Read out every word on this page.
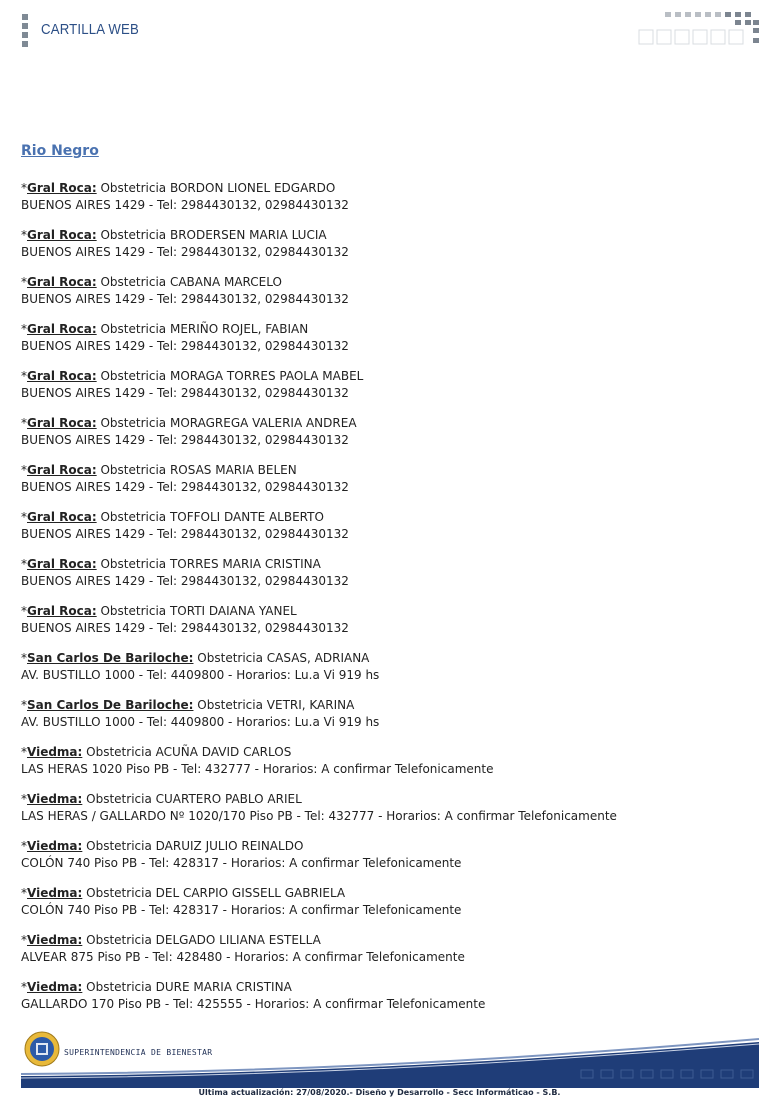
CARTILLA WEB
Rio Negro
*Gral Roca: Obstetricia BORDON LIONEL EDGARDO
BUENOS AIRES 1429 - Tel: 2984430132, 02984430132
*Gral Roca: Obstetricia BRODERSEN MARIA LUCIA
BUENOS AIRES 1429 - Tel: 2984430132, 02984430132
*Gral Roca: Obstetricia CABANA MARCELO
BUENOS AIRES 1429 - Tel: 2984430132, 02984430132
*Gral Roca: Obstetricia MERIÑO ROJEL, FABIAN
BUENOS AIRES 1429 - Tel: 2984430132, 02984430132
*Gral Roca: Obstetricia MORAGA TORRES PAOLA MABEL
BUENOS AIRES 1429 - Tel: 2984430132, 02984430132
*Gral Roca: Obstetricia MORAGREGA VALERIA ANDREA
BUENOS AIRES 1429 - Tel: 2984430132, 02984430132
*Gral Roca: Obstetricia ROSAS MARIA BELEN
BUENOS AIRES 1429 - Tel: 2984430132, 02984430132
*Gral Roca: Obstetricia TOFFOLI DANTE ALBERTO
BUENOS AIRES 1429 - Tel: 2984430132, 02984430132
*Gral Roca: Obstetricia TORRES MARIA CRISTINA
BUENOS AIRES 1429 - Tel: 2984430132, 02984430132
*Gral Roca: Obstetricia TORTI DAIANA YANEL
BUENOS AIRES 1429 - Tel: 2984430132, 02984430132
*San Carlos De Bariloche: Obstetricia CASAS, ADRIANA
AV. BUSTILLO 1000 - Tel: 4409800 - Horarios: Lu.a Vi 919 hs
*San Carlos De Bariloche: Obstetricia VETRI, KARINA
AV. BUSTILLO 1000 - Tel: 4409800 - Horarios: Lu.a Vi 919 hs
*Viedma: Obstetricia ACUÑA DAVID CARLOS
LAS HERAS 1020 Piso PB - Tel: 432777 - Horarios: A confirmar Telefonicamente
*Viedma: Obstetricia CUARTERO PABLO ARIEL
LAS HERAS / GALLARDO Nº 1020/170 Piso PB - Tel: 432777 - Horarios: A confirmar Telefonicamente
*Viedma: Obstetricia DARUIZ JULIO REINALDO
COLÓN 740 Piso PB - Tel: 428317 - Horarios: A confirmar Telefonicamente
*Viedma: Obstetricia DEL CARPIO GISSELL GABRIELA
COLÓN 740 Piso PB - Tel: 428317 - Horarios: A confirmar Telefonicamente
*Viedma: Obstetricia DELGADO LILIANA ESTELLA
ALVEAR 875 Piso PB - Tel: 428480 - Horarios: A confirmar Telefonicamente
*Viedma: Obstetricia DURE MARIA CRISTINA
GALLARDO 170 Piso PB - Tel: 425555 - Horarios: A confirmar Telefonicamente
SUPERINTENDENCIA DE BIENESTAR
Ultima actualización: 27/08/2020.- Diseño y Desarrollo - Secc Informáticao - S.B.
